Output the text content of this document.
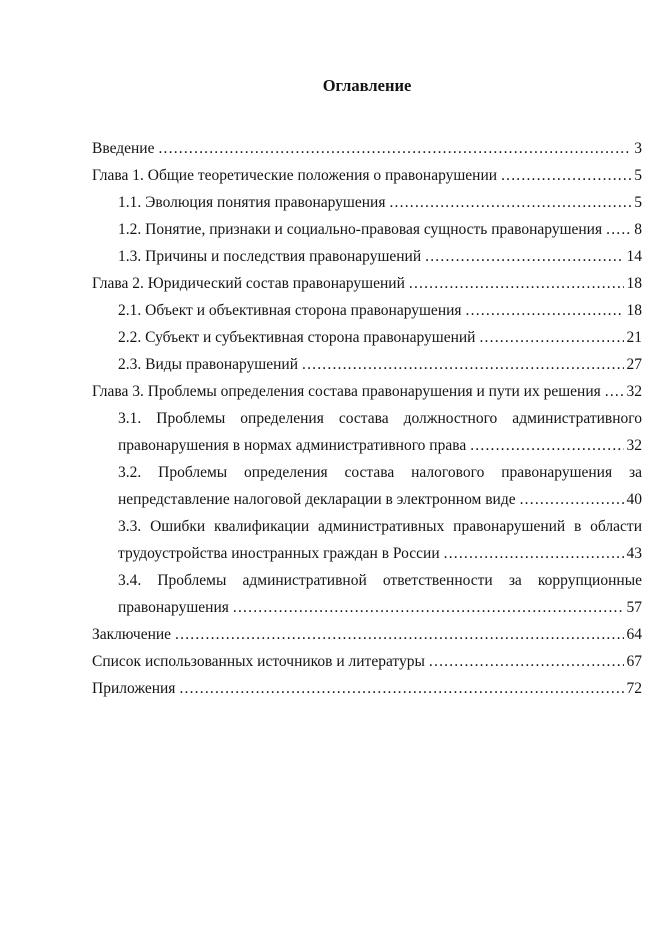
Оглавление
Введение .....	3
Глава 1. Общие теоретические положения о правонарушении .....	5
1.1. Эволюция понятия правонарушения .....	5
1.2. Понятие, признаки и социально-правовая сущность правонарушения ..... 8
1.3. Причины и последствия правонарушений .....	14
Глава 2. Юридический состав правонарушений .....	18
2.1. Объект и объективная сторона правонарушения .....	18
2.2. Субъект и субъективная сторона правонарушений .....	21
2.3. Виды правонарушений .....	27
Глава 3. Проблемы определения состава правонарушения и пути их решения ..... 32
3.1. Проблемы определения состава должностного административного
правонарушения в нормах административного права .....	32
3.2. Проблемы определения состава налогового правонарушения за
непредставление налоговой декларации в электронном виде .....	40
3.3. Ошибки квалификации административных правонарушений в области
трудоустройства иностранных граждан в России .....	43
3.4. Проблемы административной ответственности за коррупционные
правонарушения .....	57
Заключение .....	64
Список использованных источников и литературы .....	67
Приложения .....	72
